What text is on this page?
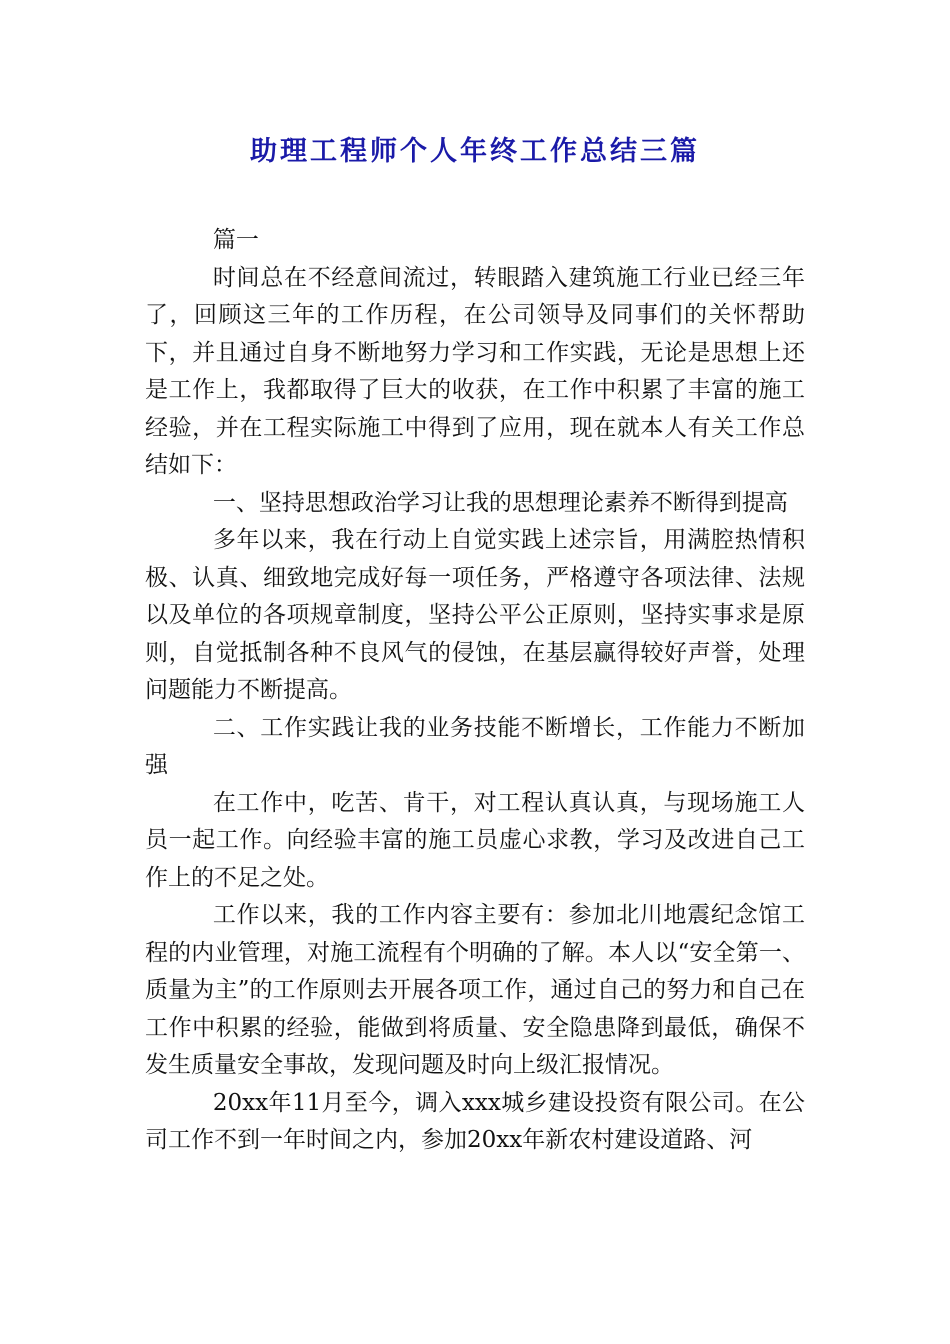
助理工程师个人年终工作总结三篇

篇一

时间总在不经意间流过，转眼踏入建筑施工行业已经三年了，回顾这三年的工作历程，在公司领导及同事们的关怀帮助下，并且通过自身不断地努力学习和工作实践，无论是思想上还是工作上，我都取得了巨大的收获，在工作中积累了丰富的施工经验，并在工程实际施工中得到了应用，现在就本人有关工作总结如下：

一、坚持思想政治学习让我的思想理论素养不断得到提高

多年以来，我在行动上自觉实践上述宗旨，用满腔热情积极、认真、细致地完成好每一项任务，严格遵守各项法律、法规以及单位的各项规章制度，坚持公平公正原则，坚持实事求是原则，自觉抵制各种不良风气的侵蚀，在基层赢得较好声誉，处理问题能力不断提高。

二、工作实践让我的业务技能不断增长，工作能力不断加强

在工作中，吃苦、肯干，对工程认真认真，与现场施工人员一起工作。向经验丰富的施工员虚心求教，学习及改进自己工作上的不足之处。

工作以来，我的工作内容主要有：参加北川地震纪念馆工程的内业管理，对施工流程有个明确的了解。本人以“安全第一、质量为主”的工作原则去开展各项工作，通过自己的努力和自己在工作中积累的经验，能做到将质量、安全隐患降到最低，确保不发生质量安全事故，发现问题及时向上级汇报情况。

20xx年11月至今，调入xxx城乡建设投资有限公司。在公司工作不到一年时间之内，参加20xx年新农村建设道路、河
